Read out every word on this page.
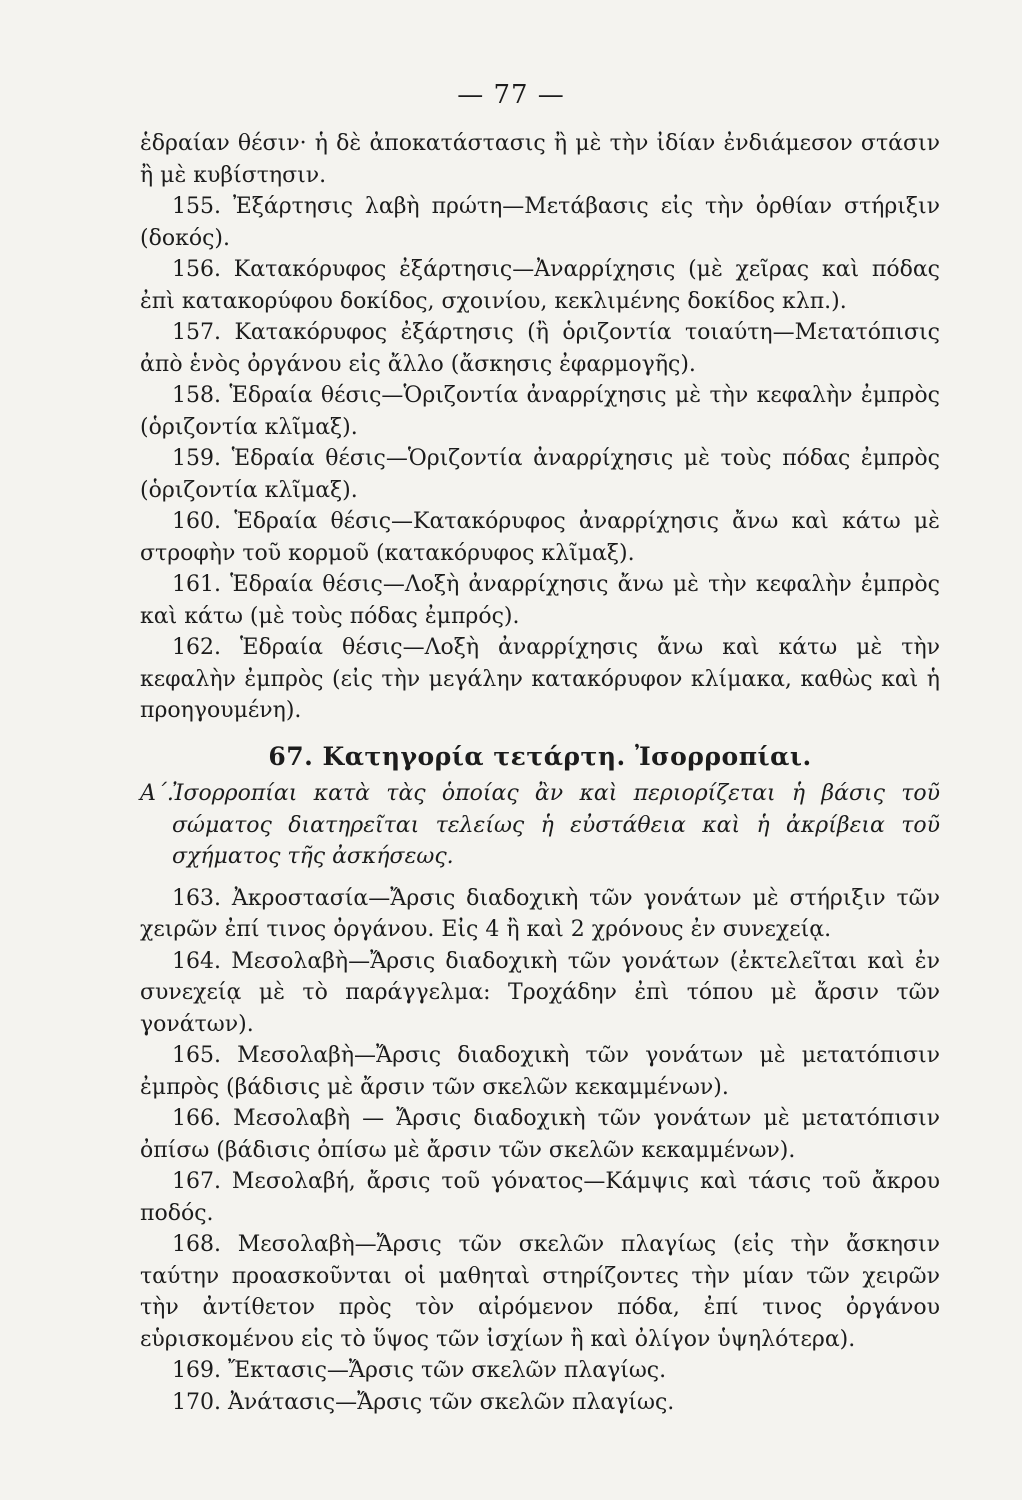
— 77 —

ἑδραίαν θέσιν· ἡ δὲ ἀποκατάστασις ἢ μὲ τὴν ἰδίαν ἐνδιάμεσον στάσιν ἢ μὲ κυβίστησιν.

155. Ἐξάρτησις λαβὴ πρώτη—Μετάβασις εἰς τὴν ὀρθίαν στήριξιν (δοκός).

156. Κατακόρυφος ἐξάρτησις—Ἀναρρίχησις (μὲ χεῖρας καὶ πόδας ἐπὶ κατακορύφου δοκίδος, σχοινίου, κεκλιμένης δοκίδος κλπ.).

157. Κατακόρυφος ἐξάρτησις (ἢ ὁριζοντία τοιαύτη—Μετατόπισις ἀπὸ ἑνὸς ὀργάνου εἰς ἄλλο (ἄσκησις ἐφαρμογῆς).

158. Ἑδραία θέσις—Ὁριζοντία ἀναρρίχησις μὲ τὴν κεφαλὴν ἐμπρὸς (ὁριζοντία κλῖμαξ).

159. Ἑδραία θέσις—Ὁριζοντία ἀναρρίχησις μὲ τοὺς πόδας ἐμπρὸς (ὁριζοντία κλῖμαξ).

160. Ἑδραία θέσις—Κατακόρυφος ἀναρρίχησις ἄνω καὶ κάτω μὲ στροφὴν τοῦ κορμοῦ (κατακόρυφος κλῖμαξ).

161. Ἑδραία θέσις—Λοξὴ ἀναρρίχησις ἄνω μὲ τὴν κεφαλὴν ἐμπρὸς καὶ κάτω (μὲ τοὺς πόδας ἐμπρός).

162. Ἑδραία θέσις—Λοξὴ ἀναρρίχησις ἄνω καὶ κάτω μὲ τὴν κεφαλὴν ἐμπρὸς (εἰς τὴν μεγάλην κατακόρυφον κλίμακα, καθὼς καὶ ἡ προηγουμένη).

67. Κατηγορία τετάρτη. Ἰσορροπίαι.

Α΄.Ἰσορροπίαι κατὰ τὰς ὁποίας ἂν καὶ περιορίζεται ἡ βάσις τοῦ σώματος διατηρεῖται τελείως ἡ εὐστάθεια καὶ ἡ ἀκρίβεια τοῦ σχήματος τῆς ἀσκήσεως.

163. Ἀκροστασία—Ἄρσις διαδοχικὴ τῶν γονάτων μὲ στήριξιν τῶν χειρῶν ἐπί τινος ὀργάνου. Εἰς 4 ἢ καὶ 2 χρόνους ἐν συνεχείᾳ.

164. Μεσολαβὴ—Ἄρσις διαδοχικὴ τῶν γονάτων (ἐκτελεῖται καὶ ἐν συνεχείᾳ μὲ τὸ παράγγελμα: Τροχάδην ἐπὶ τόπου μὲ ἄρσιν τῶν γονάτων).

165. Μεσολαβὴ—Ἄρσις διαδοχικὴ τῶν γονάτων μὲ μετατόπισιν ἐμπρὸς (βάδισις μὲ ἄρσιν τῶν σκελῶν κεκαμμένων).

166. Μεσολαβὴ — Ἄρσις διαδοχικὴ τῶν γονάτων μὲ μετατόπισιν ὀπίσω (βάδισις ὀπίσω μὲ ἄρσιν τῶν σκελῶν κεκαμμένων).

167. Μεσολαβή, ἄρσις τοῦ γόνατος—Κάμψις καὶ τάσις τοῦ ἄκρου ποδός.

168. Μεσολαβὴ—Ἄρσις τῶν σκελῶν πλαγίως (εἰς τὴν ἄσκησιν ταύτην προασκοῦνται οἱ μαθηταὶ στηρίζοντες τὴν μίαν τῶν χειρῶν τὴν ἀντίθετον πρὸς τὸν αἰρόμενον πόδα, ἐπί τινος ὀργάνου εὑρισκομένου εἰς τὸ ὕψος τῶν ἰσχίων ἢ καὶ ὀλίγον ὑψηλότερα).

169. Ἔκτασις—Ἄρσις τῶν σκελῶν πλαγίως.

170. Ἀνάτασις—Ἄρσις τῶν σκελῶν πλαγίως.
